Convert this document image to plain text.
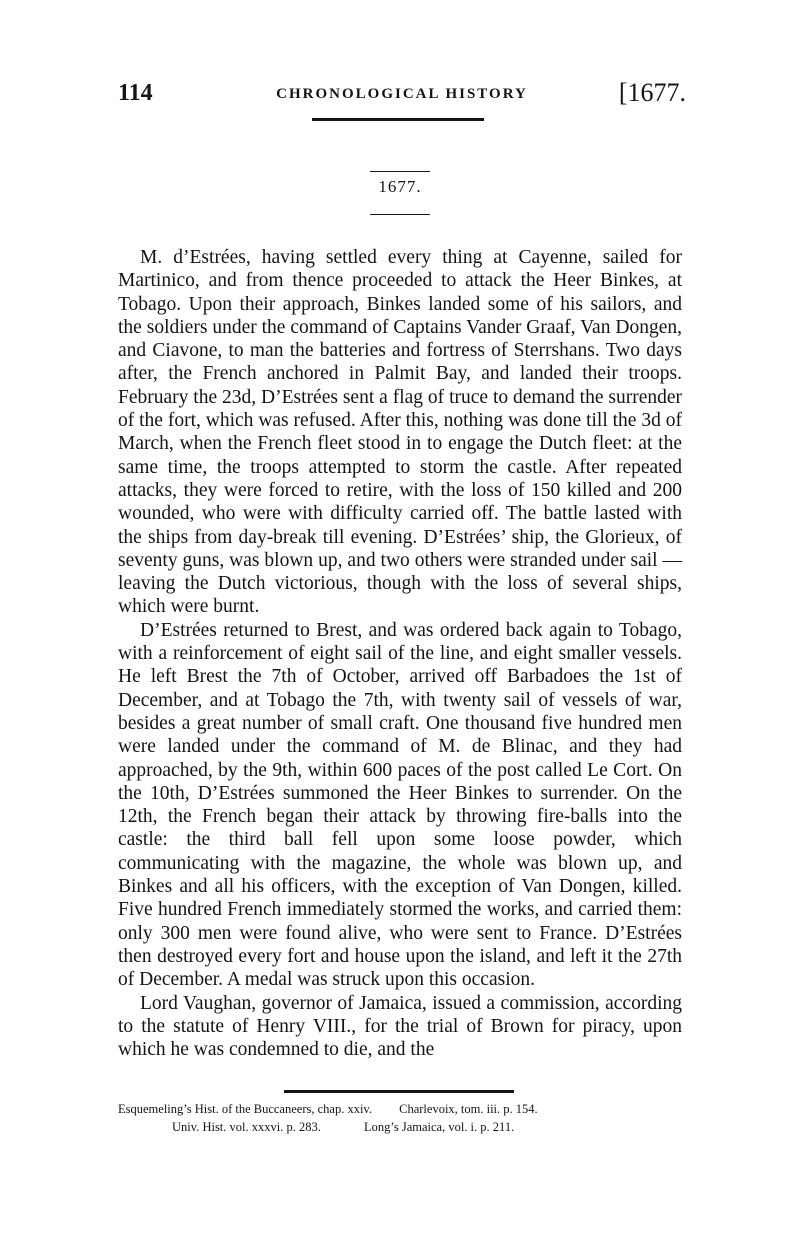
114	CHRONOLOGICAL HISTORY	[1677.
1677.

M. d’Estrées, having settled every thing at Cayenne, sailed for Martinico, and from thence proceeded to attack the Heer Binkes, at Tobago. Upon their approach, Binkes landed some of his sailors, and the soldiers under the command of Captains Vander Graaf, Van Dongen, and Ciavone, to man the batteries and fortress of Sterrshans. Two days after, the French anchored in Palmit Bay, and landed their troops. February the 23d, D’Estrées sent a flag of truce to demand the surrender of the fort, which was refused. After this, nothing was done till the 3d of March, when the French fleet stood in to engage the Dutch fleet: at the same time, the troops attempted to storm the castle. After repeated attacks, they were forced to retire, with the loss of 150 killed and 200 wounded, who were with difficulty carried off. The battle lasted with the ships from day-break till evening. D’Estrées’ ship, the Glorieux, of seventy guns, was blown up, and two others were stranded under sail — leaving the Dutch victorious, though with the loss of several ships, which were burnt.

D’Estrées returned to Brest, and was ordered back again to Tobago, with a reinforcement of eight sail of the line, and eight smaller vessels. He left Brest the 7th of October, arrived off Barbadoes the 1st of December, and at Tobago the 7th, with twenty sail of vessels of war, besides a great number of small craft. One thousand five hundred men were landed under the command of M. de Blinac, and they had approached, by the 9th, within 600 paces of the post called Le Cort. On the 10th, D’Estrées summoned the Heer Binkes to surrender. On the 12th, the French began their attack by throwing fire-balls into the castle: the third ball fell upon some loose powder, which communicating with the magazine, the whole was blown up, and Binkes and all his officers, with the exception of Van Dongen, killed. Five hundred French immediately stormed the works, and carried them: only 300 men were found alive, who were sent to France. D’Estrées then destroyed every fort and house upon the island, and left it the 27th of December. A medal was struck upon this occasion.

Lord Vaughan, governor of Jamaica, issued a commission, according to the statute of Henry VIII., for the trial of Brown for piracy, upon which he was condemned to die, and the

Esquemeling’s Hist. of the Buccaneers, chap. xxiv. Charlevoix, tom. iii. p. 154.
Univ. Hist. vol. xxxvi. p. 283.	Long’s Jamaica, vol. i. p. 211.
